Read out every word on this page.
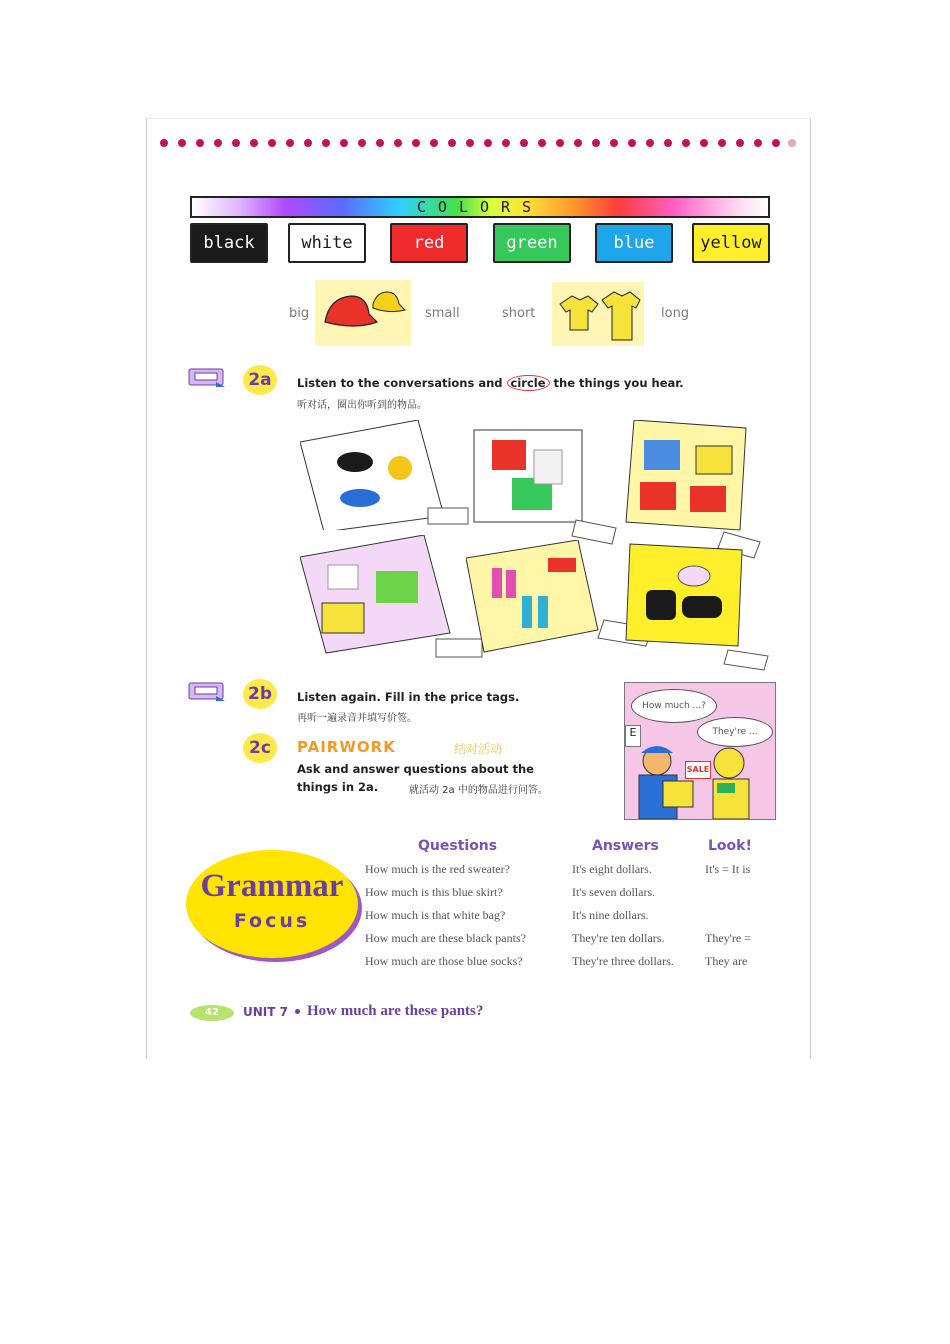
COLORS
black	white	red	green	blue	yellow
big	small	short	long
2a	Listen to the conversations and circle the things you hear.
听对话，圈出你听到的物品。
2b	Listen again. Fill in the price tags.
再听一遍录音并填写价签。
2c	PAIRWORK	结对活动
Ask and answer questions about the
things in 2a.	就活动 2a 中的物品进行问答。
How much ...?
They're ...
E
SALE
Grammar
Focus
Questions	Answers	Look!
How much is the red sweater?	It's eight dollars.	It's = It is
How much is this blue skirt?	It's seven dollars.
How much is that white bag?	It's nine dollars.
How much are these black pants?	They're ten dollars.	They're =
How much are those blue socks?	They're three dollars.	They are
42	UNIT 7 How much are these pants?
